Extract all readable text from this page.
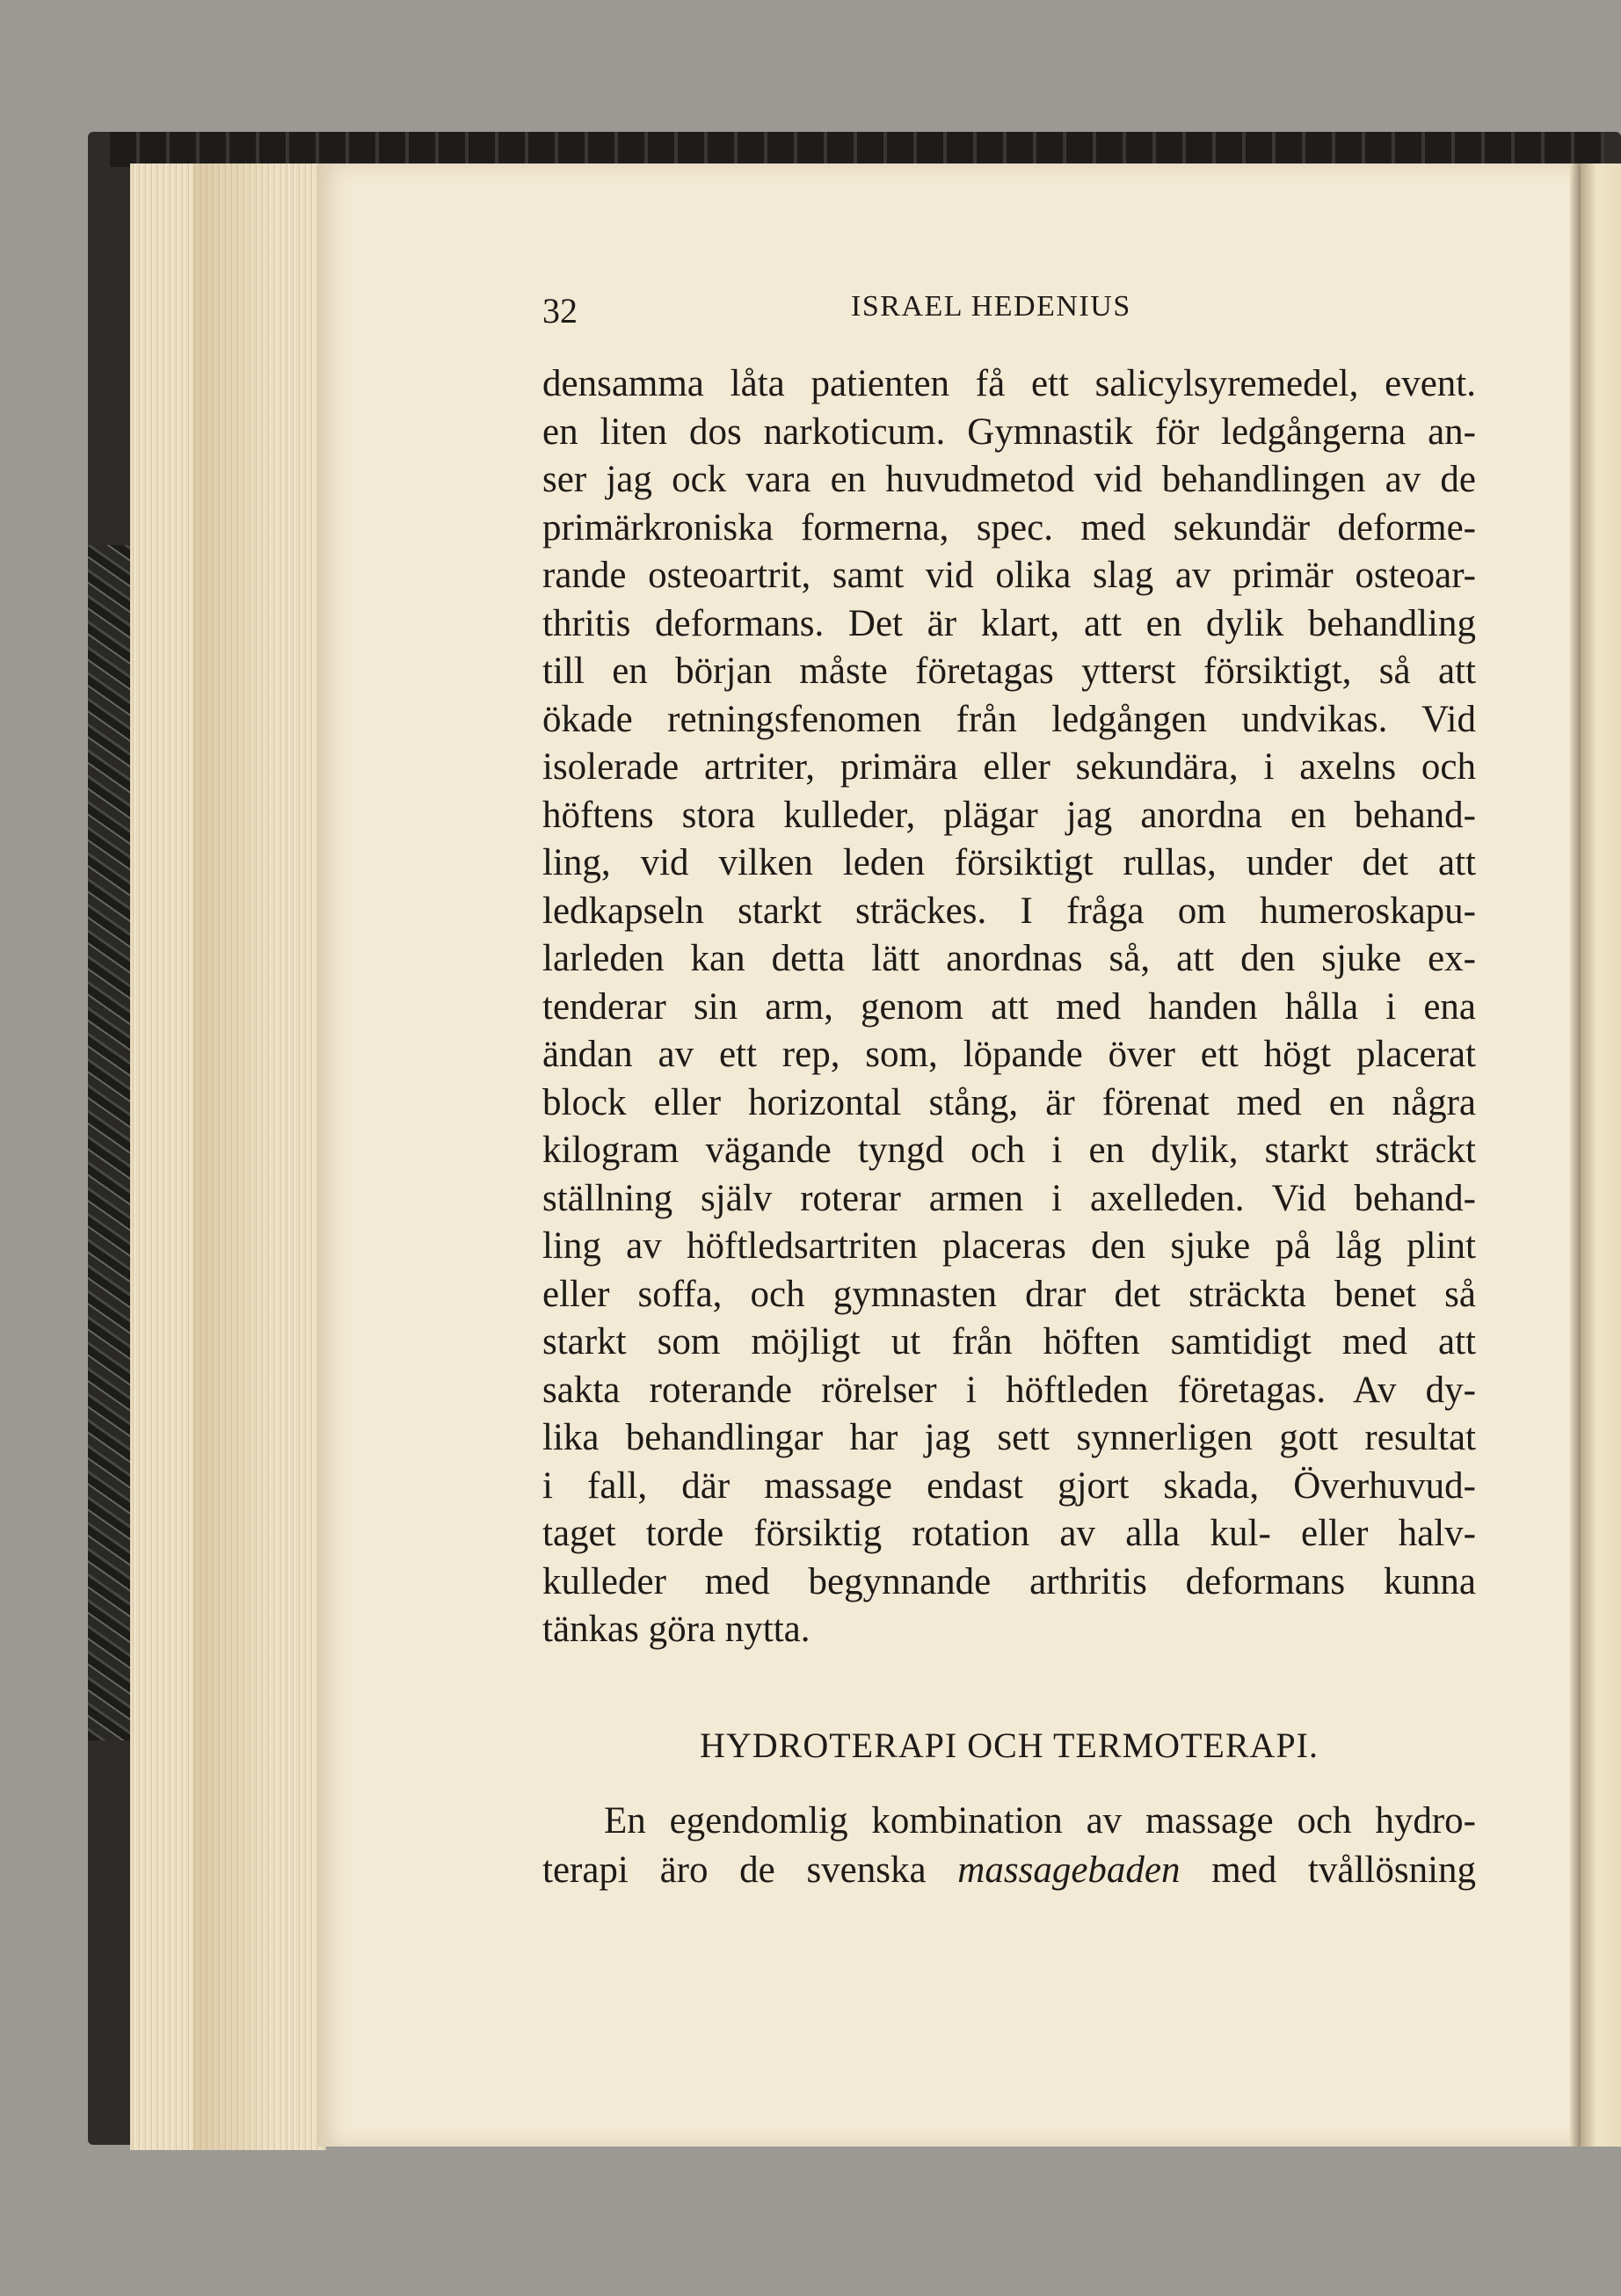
32	ISRAEL HEDENIUS
densamma låta patienten få ett salicylsyremedel, event.
en liten dos narkoticum. Gymnastik för ledgångerna an-
ser jag ock vara en huvudmetod vid behandlingen av de
primärkroniska formerna, spec. med sekundär deforme-
rande osteoartrit, samt vid olika slag av primär osteoar-
thritis deformans. Det är klart, att en dylik behandling
till en början måste företagas ytterst försiktigt, så att
ökade retningsfenomen från ledgången undvikas. Vid
isolerade artriter, primära eller sekundära, i axelns och
höftens stora kulleder, plägar jag anordna en behand-
ling, vid vilken leden försiktigt rullas, under det att
ledkapseln starkt sträckes. I fråga om humeroskapu-
larleden kan detta lätt anordnas så, att den sjuke ex-
tenderar sin arm, genom att med handen hålla i ena
ändan av ett rep, som, löpande över ett högt placerat
block eller horizontal stång, är förenat med en några
kilogram vägande tyngd och i en dylik, starkt sträckt
ställning själv roterar armen i axelleden. Vid behand-
ling av höftledsartriten placeras den sjuke på låg plint
eller soffa, och gymnasten drar det sträckta benet så
starkt som möjligt ut från höften samtidigt med att
sakta roterande rörelser i höftleden företagas. Av dy-
lika behandlingar har jag sett synnerligen gott resultat
i fall, där massage endast gjort skada, Överhuvud-
taget torde försiktig rotation av alla kul- eller halv-
kulleder med begynnande arthritis deformans kunna
tänkas göra nytta.
HYDROTERAPI OCH TERMOTERAPI.
En egendomlig kombination av massage och hydro-
terapi äro de svenska massagebaden med tvållösning
